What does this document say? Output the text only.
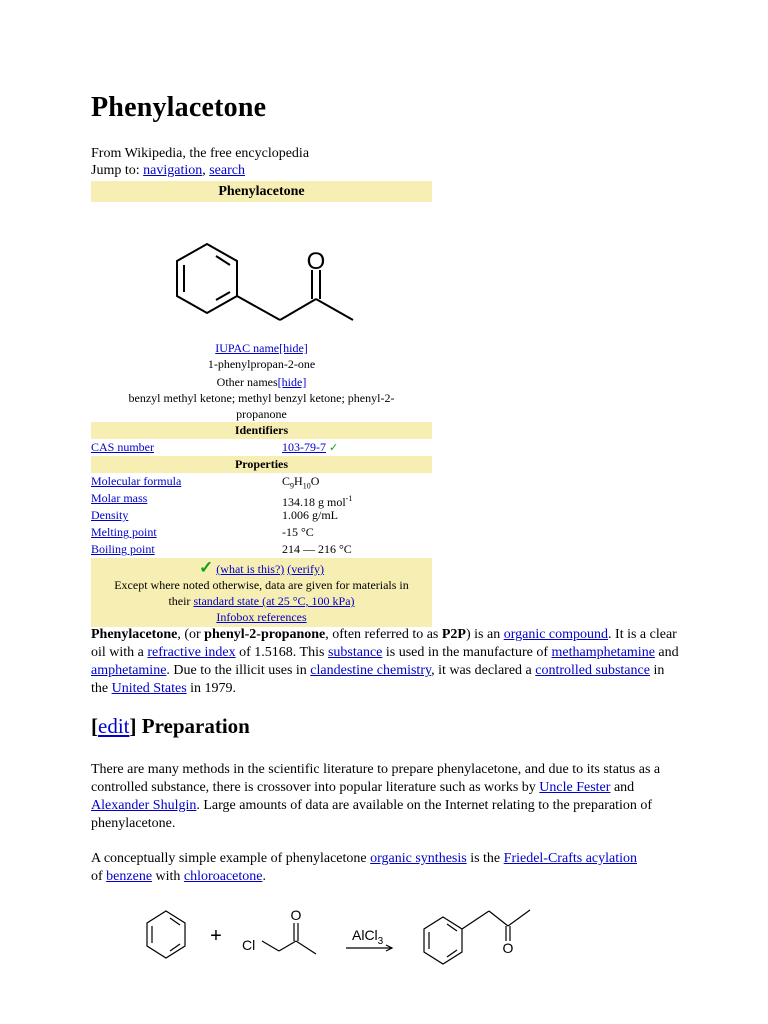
Phenylacetone
From Wikipedia, the free encyclopedia
Jump to: navigation, search
Phenylacetone
O
IUPAC name[hide]
1-phenylpropan-2-one
Other names[hide]
benzyl methyl ketone; methyl benzyl ketone; phenyl-2-
propanone
Identifiers
CAS number	103-79-7 ✓
Properties
Molecular formula	$C_9H_{10}O$
Molar mass	134.18 g mol$^{-1}$
Density	1.006 g/mL
Melting point	-15 °C
Boiling point	214 — 216 °C
✓ (what is this?) (verify)
Except where noted otherwise, data are given for materials in
their standard state (at 25 °C, 100 kPa)
Infobox references
Phenylacetone, (or phenyl-2-propanone, often referred to as P2P) is an organic compound. It is a clear oil with a refractive index of 1.5168. This substance is used in the manufacture of methamphetamine and amphetamine. Due to the illicit uses in clandestine chemistry, it was declared a controlled substance in the United States in 1979.
[edit] Preparation
There are many methods in the scientific literature to prepare phenylacetone, and due to its status as a controlled substance, there is crossover into popular literature such as works by Uncle Fester and Alexander Shulgin. Large amounts of data are available on the Internet relating to the preparation of phenylacetone.
A conceptually simple example of phenylacetone organic synthesis is the Friedel-Crafts acylation of benzene with chloroacetone.
+ Cl
O
AlCl$_3$	O
